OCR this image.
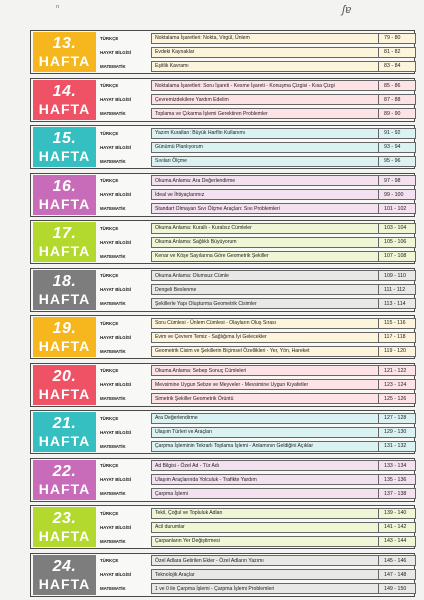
ⁿ	ʃɐ
13.
HAFTA
TÜRKÇE	Noktalama İşaretleri: Nokta, Virgül, Ünlem	79 - 80
HAYAT BİLGİSİ	Evdeki Kaynaklar	81 - 82
MATEMATİK	Eşitlik Kavramı	83 - 84
14.
HAFTA
TÜRKÇE	Noktalama İşaretleri: Soru İşareti - Kesme İşareti - Konuşma Çizgisi - Kısa Çizgi	85 - 86
HAYAT BİLGİSİ	Çevremizdekilere Yardım Edelim	87 - 88
MATEMATİK	Toplama ve Çıkarma İşlemi Gerektiren Problemler	89 - 90
15.
HAFTA
TÜRKÇE	Yazım Kuralları: Büyük Harflin Kullanımı	91 - 92
HAYAT BİLGİSİ	Günümü Planlıyorum	93 - 94
MATEMATİK	Sıvıları Ölçme	95 - 96
16.
HAFTA
TÜRKÇE	Okuma Anlama: Ara Değerlendirme	97 - 98
HAYAT BİLGİSİ	İdeal ve İhtiyaçlarımız	99 - 100
MATEMATİK	Standart Olmayan Sıvı Ölçme Araçları: Sıvı Problemleri	101 - 102
17.
HAFTA
TÜRKÇE	Okuma Anlama: Kurallı - Kuralsız Cümleler	103 - 104
HAYAT BİLGİSİ	Okuma Anlama: Sağlıklı Büyüyorum	105 - 106
MATEMATİK	Kenar ve Köşe Sayılarına Göre Geometrik Şekiller	107 - 108
18.
HAFTA
TÜRKÇE	Okuma Anlama: Olumsuz Cümle	109 - 110
HAYAT BİLGİSİ	Dengeli Beslenme	111 - 112
MATEMATİK	Şekillerle Yapı Oluşturma Geometrik Cisimler	113 - 114
19.
HAFTA
TÜRKÇE	Soru Cümlesi - Ünlem Cümlesi - Olayların Oluş Sırası	115 - 116
HAYAT BİLGİSİ	Evim ve Çevrem Temiz - Sağlığıma İyi Gelecekler	117 - 118
MATEMATİK	Geometrik Cisim ve Şekillerin Biçimsel Özellikleri - Yer, Yön, Hareket	119 - 120
20.
HAFTA
TÜRKÇE	Okuma Anlama: Sebep Sonuç Cümleleri	121 - 122
HAYAT BİLGİSİ	Mevsimine Uygun Sebze ve Meyveler - Mevsimine Uygun Kıyafetler	123 - 124
MATEMATİK	Simetrik Şekiller Geometrik Örüntü	125 - 126
21.
HAFTA
TÜRKÇE	Ara Değerlendirme	127 - 128
HAYAT BİLGİSİ	Ulaşım Türleri ve Araçları	129 - 130
MATEMATİK	Çarpma İşleminin Tekrarlı Toplama İşlemi - Anlamının Geldiğini Açıklar	131 - 132
22.
HAFTA
TÜRKÇE	Ad Bilgisi - Özel Ad - Tür Adı	133 - 134
HAYAT BİLGİSİ	Ulaşım Araçlarında Yolculuk - Trafikte Yardım	135 - 136
MATEMATİK	Çarpma İşlemi	137 - 138
23.
HAFTA
TÜRKÇE	Tekil, Çoğul ve Topluluk Adları	139 - 140
HAYAT BİLGİSİ	Acil durumlar	141 - 142
MATEMATİK	Çarpanların Yer Değiştirmesi	143 - 144
24.
HAFTA
TÜRKÇE	Özel Adlara Getirilen Ekler - Özel Adların Yazımı	145 - 146
HAYAT BİLGİSİ	Teknolojik Araçlar	147 - 148
MATEMATİK	1 ve 0 ile Çarpma İşlemi - Çarpma İşlemi Problemleri	149 - 150
